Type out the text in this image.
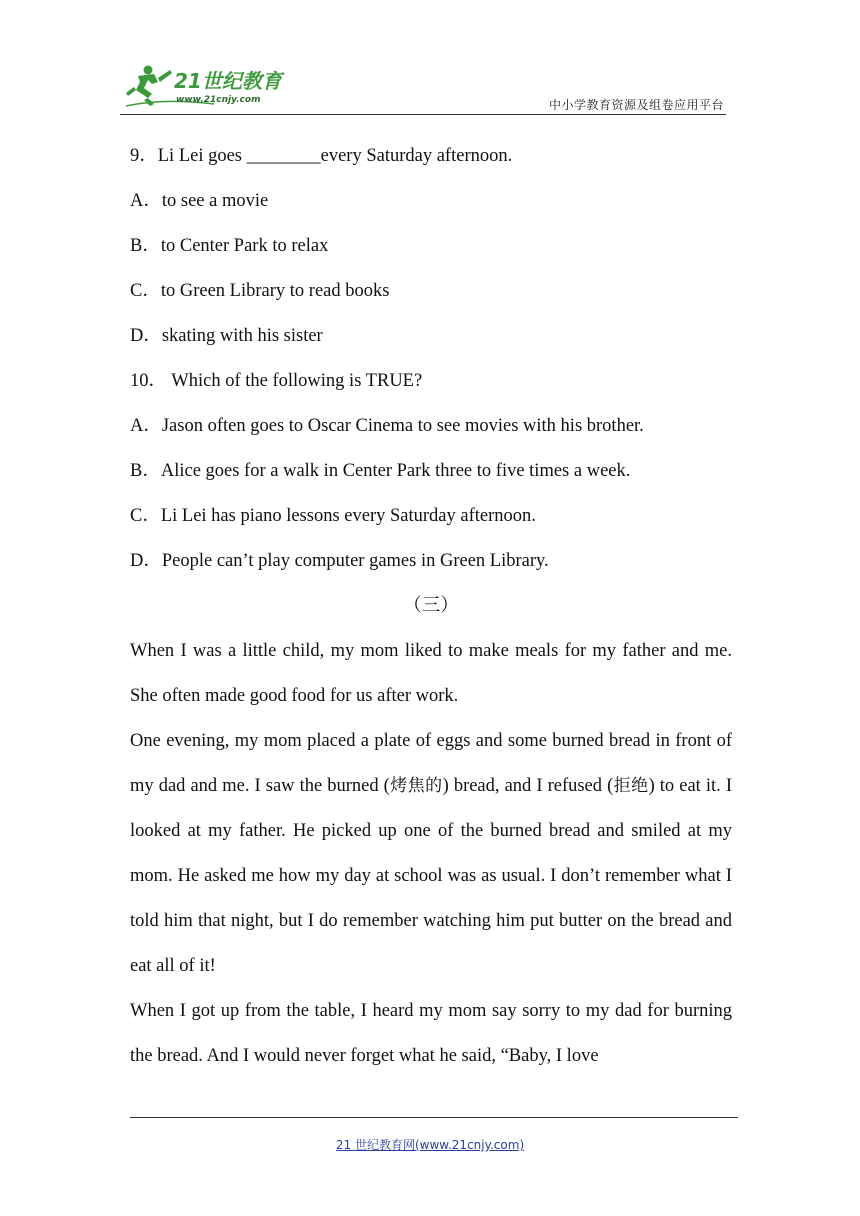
21世纪教育
www.21cnjy.com	中小学教育资源及组卷应用平台
9．Li Lei goes ________every Saturday afternoon.
A．to see a movie
B．to Center Park to relax
C．to Green Library to read books
D．skating with his sister
10． Which of the following is TRUE?
A．Jason often goes to Oscar Cinema to see movies with his brother.
B．Alice goes for a walk in Center Park three to five times a week.
C．Li Lei has piano lessons every Saturday afternoon.
D．People can’t play computer games in Green Library.
（三）

When I was a little child, my mom liked to make meals for my father and me. She often made good food for us after work.

One evening, my mom placed a plate of eggs and some burned bread in front of my dad and me. I saw the burned (烤焦的) bread, and I refused (拒绝) to eat it. I looked at my father. He picked up one of the burned bread and smiled at my mom. He asked me how my day at school was as usual. I don’t remember what I told him that night, but I do remember watching him put butter on the bread and eat all of it!

When I got up from the table, I heard my mom say sorry to my dad for burning the bread. And I would never forget what he said, “Baby, I love

21 世纪教育网(www.21cnjy.com)
